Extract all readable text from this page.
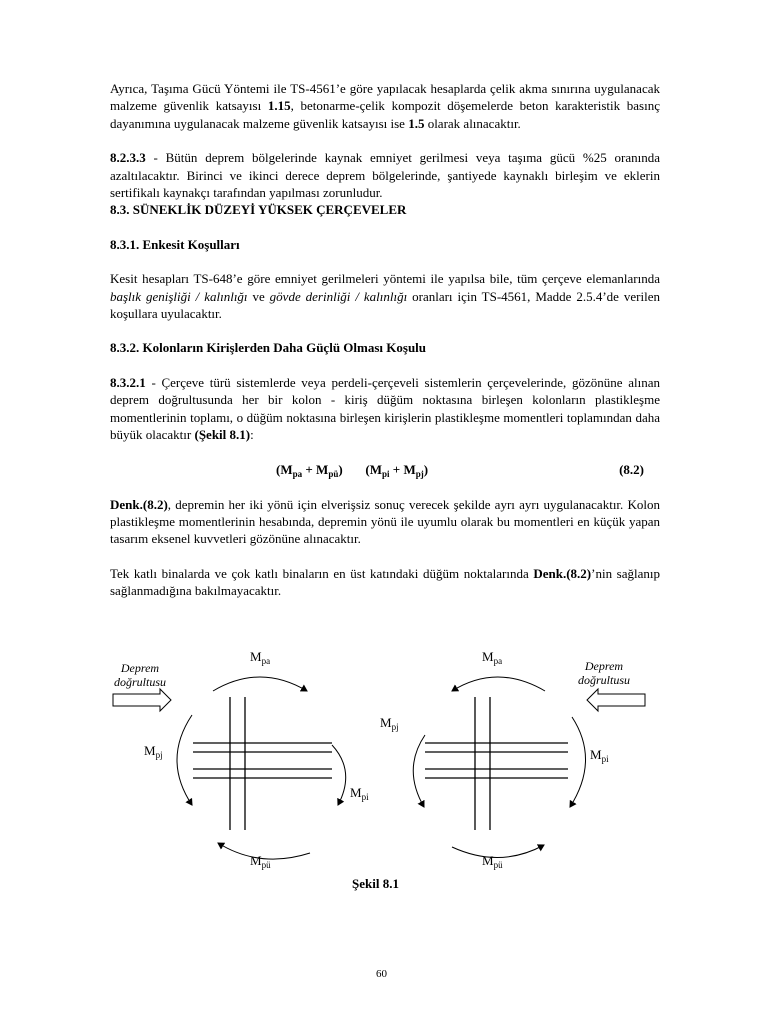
Ayrıca, Taşıma Gücü Yöntemi ile TS-4561’e göre yapılacak hesaplarda çelik akma sınırına uygulanacak malzeme güvenlik katsayısı 1.15, betonarme-çelik kompozit döşemelerde beton karakteristik basınç dayanımına uygulanacak malzeme güvenlik katsayısı ise 1.5 olarak alınacaktır.

8.2.3.3 - Bütün deprem bölgelerinde kaynak emniyet gerilmesi veya taşıma gücü %25 oranında azaltılacaktır. Birinci ve ikinci derece deprem bölgelerinde, şantiyede kaynaklı birleşim ve eklerin sertifikalı kaynakçı tarafından yapılması zorunludur.

8.3. SÜNEKLİK DÜZEYİ YÜKSEK ÇERÇEVELER

8.3.1. Enkesit Koşulları

Kesit hesapları TS-648’e göre emniyet gerilmeleri yöntemi ile yapılsa bile, tüm çerçeve elemanlarında başlık genişliği / kalınlığı ve gövde derinliği / kalınlığı oranları için TS-4561, Madde 2.5.4’de verilen koşullara uyulacaktır.

8.3.2. Kolonların Kirişlerden Daha Güçlü Olması Koşulu

8.3.2.1 - Çerçeve türü sistemlerde veya perdeli-çerçeveli sistemlerin çerçevelerinde, gözönüne alınan deprem doğrultusunda her bir kolon - kiriş düğüm noktasına birleşen kolonların plastikleşme momentlerinin toplamı, o düğüm noktasına birleşen kirişlerin plastikleşme momentleri toplamından daha büyük olacaktır (Şekil 8.1):

$(M_{pa} + M_{pü}) (M_{pi} + M_{pj})$	(8.2)

Denk.(8.2), depremin her iki yönü için elverişsiz sonuç verecek şekilde ayrı ayrı uygulanacaktır. Kolon plastikleşme momentlerinin hesabında, depremin yönü ile uyumlu olarak bu momentleri en küçük yapan tasarım eksenel kuvvetleri gözönüne alınacaktır.

Tek katlı binalarda ve çok katlı binaların en üst katındaki düğüm noktalarında Denk.(8.2)’nin sağlanıp sağlanmadığına bakılmayacaktır.

Deprem
doğrultusu
Deprem
doğrultusu
$M_{pa}$
$M_{pj}$
$M_{pi}$
$M_{pü}$
$M_{pa}$
$M_{pj}$
$M_{pi}$
$M_{pü}$
Şekil 8.1
60
